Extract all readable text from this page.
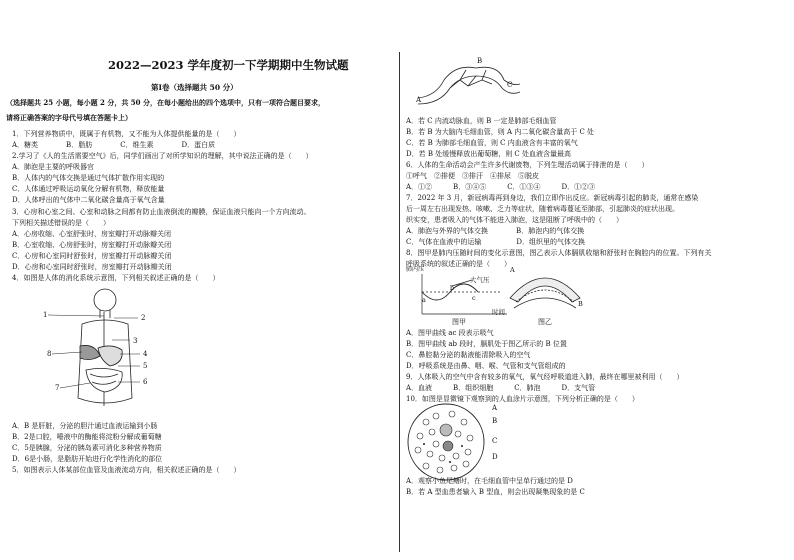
2022—2023 学年度初一下学期期中生物试题
第Ⅰ卷（选择题共 50 分）
（选择题共 25 小题，每小题 2 分，共 50 分，在每小题给出的四个选项中，只有一项符合题目要求，
请将正确答案的字母代号填在答题卡上）
1．下列营养物质中，既属于有机物，又不能为人体提供能量的是（　　）
A．糖类　　　　B．脂肪　　　　C．维生素　　　　D．蛋白质
2.学习了《人的生活需要空气》后，同学们画出了对所学知识的理解，其中说法正确的是（　　）
A．肺泡是主要的呼吸器官
B．人体内的气体交换是通过气体扩散作用实现的
C．人体通过呼吸运动氧化分解有机物，释放能量
D．人体呼出的气体中二氧化碳含量高于氧气含量
3．心房和心室之间、心室和动脉之间都有防止血液倒流的瓣膜，保证血液只能向一个方向流动。
下列相关描述错误的是（　　）
A．心房收缩、心室舒张时，房室瓣打开动脉瓣关闭
B．心室收缩、心房舒张时，房室瓣打开动脉瓣关闭
C．心房和心室同时舒张时，房室瓣打开动脉瓣关闭
D．心房和心室同时舒张时，房室瓣打开动脉瓣关闭
4．如图是人体的消化系统示意图，下列相关叙述正确的是（　　）
1	2
3
4
5
6
7
8
A．B 是肝脏，分泌的胆汁通过血液运输到小肠
B．2是口腔，唾液中的酶能将淀粉分解成葡萄糖
C．5是胰腺，分泌的胰岛素可消化多种营养物质
D．6是小肠，是脂肪开始进行化学性消化的部位
5．如图表示人体某部位血管及血液流动方向，相关叙述正确的是（　　）
A
B
C
A．若 C 内流动脉血，则 B 一定是肺部毛细血管
B．若 B 为大脑内毛细血管，则 A 内二氧化碳含量高于 C 处
C．若 B 为肺部毛细血管，则 C 内血液含有丰富的氧气
D．若 B 处缓慢释放出葡萄糖，则 C 处血液含量最高
6．人体的生命活动会产生许多代谢废物，下列生理活动属于排泄的是（　　）
①呼气　②排便　③排汗　④排尿　⑤脱皮
A．①②　　　B．③④⑤　　　C．①③④　　　D．①②③
7．2022 年 3 月，新冠病毒再到身边，我们立即作出反应。新冠病毒引起的肺炎，通常在感染
后一周左右出现发热、咳嗽、乏力等症状，随着病毒蔓延至肺部，引起肺炎的症状出现。
织实变，患者吸入的气体不能进入肺泡，这是阻断了呼吸中的（　　）
A．肺泡与外界的气体交换　　　　B．肺泡内的气体交换
C．气体在血液中的运输　　　　　D．组织里的气体交换
8．图甲是肺内压随时间的变化示意图，图乙表示人体膈肌收缩和舒张时在胸腔内的位置。下列有关
呼吸系统的叙述正确的是（　　）
肺内压
大气压
a
b
c
时间
图甲
A
B
图乙
A．图甲曲线 ac 段表示吸气
B．图甲曲线 ab 段时，膈肌处于图乙所示的 B 位置
C．鼻腔黏分泌的黏液能清除吸入的空气
D．呼吸系统是由鼻、咽、喉、气管和支气管组成的
9．人体吸入的空气中含有较多的氧气，氧气经呼吸道进入肺，最终在哪里被利用（　　）
A．血液　　　B．组织细胞　　　C．肺泡　　　D．支气管
10．如图是显微镜下观察到的人血涂片示意图，下列分析正确的是（　　）
A
B
C
D
A．观察小鱼尾鳍时，在毛细血管中呈单行通过的是 D
B．若 A 型血患者输入 B 型血，则会出现凝集现象的是 C
